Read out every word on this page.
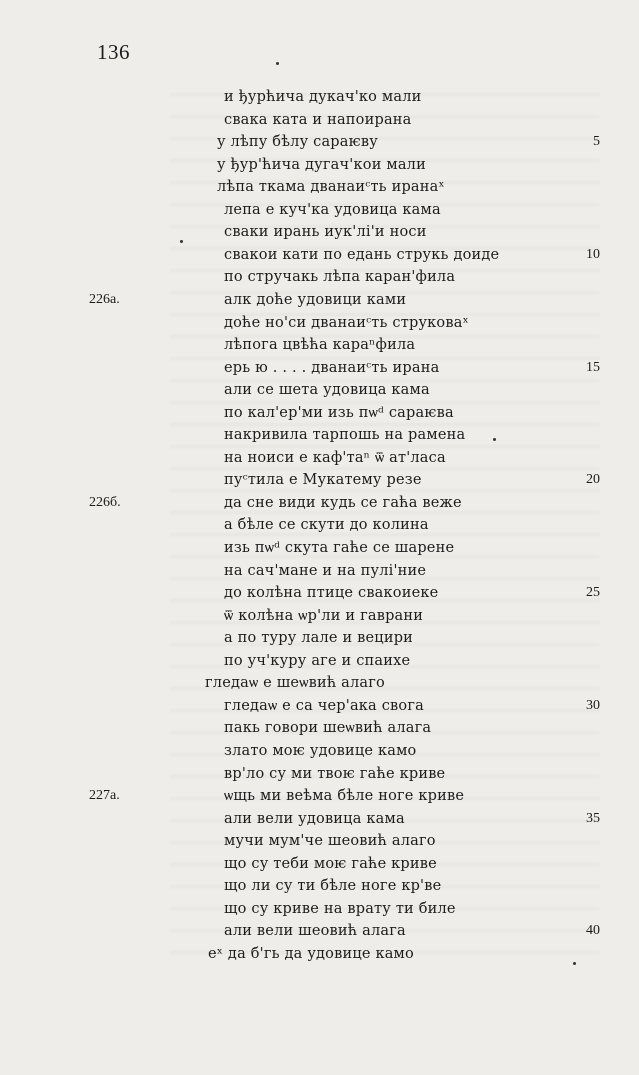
136
и ђурћича дукач'ко мали
свака ката и напоирана
у лѣпу бѣлу сараѥву	5
у ђур'ћича дугач'кои мали
лѣпа ткама дванаиᶜть иранаˣ
лепа е куч'ка удовица кама
сваки ирань иук'лі'и носи
свакои кати по едань струкь доиде	10
по стручакь лѣпа каран'фила
алк доће удовици ками
226а.
доће но'си дванаиᶜть струковаˣ
лѣпога цвѣћа караⁿфила
ерь ю . . . . дванаиᶜть ирана	15
али се шета удовица кама
по кал'ер'ми изь пѡᵈ сараѥва
накривила тарпошь на рамена
на нoиси е каф'таⁿ ѿ ат'ласа
пуᶜтила е Мукатему резе	20
да сне види кудь се гаћа веже
226б.
а бѣле се скути до колина
изь пѡᵈ скута гаће се шарене
на сач'мане и на пулі'ние
до колѣна птице свакоиеке	25
ѿ колѣна ѡр'ли и гаврани
а по туру лале и вецири
по уч'куру аге и спаихе
гледаѡ е шеѡвић алаго
гледаѡ е са чер'ака свога	30
пакь говори шеѡвић алага
злато моѥ удовице камо
вр'ло су ми твоѥ гаће криве
ѡщь ми веѣма бѣле ноге криве
227а.
али вели удовица кама	35
мучи мум'че шеовић алаго
що су теби моѥ гаће криве
що ли су ти бѣле ноге кр'ве
що су криве на врату ти биле
али вели шеовић алага	40
еˣ да б'гь да удовице камо
